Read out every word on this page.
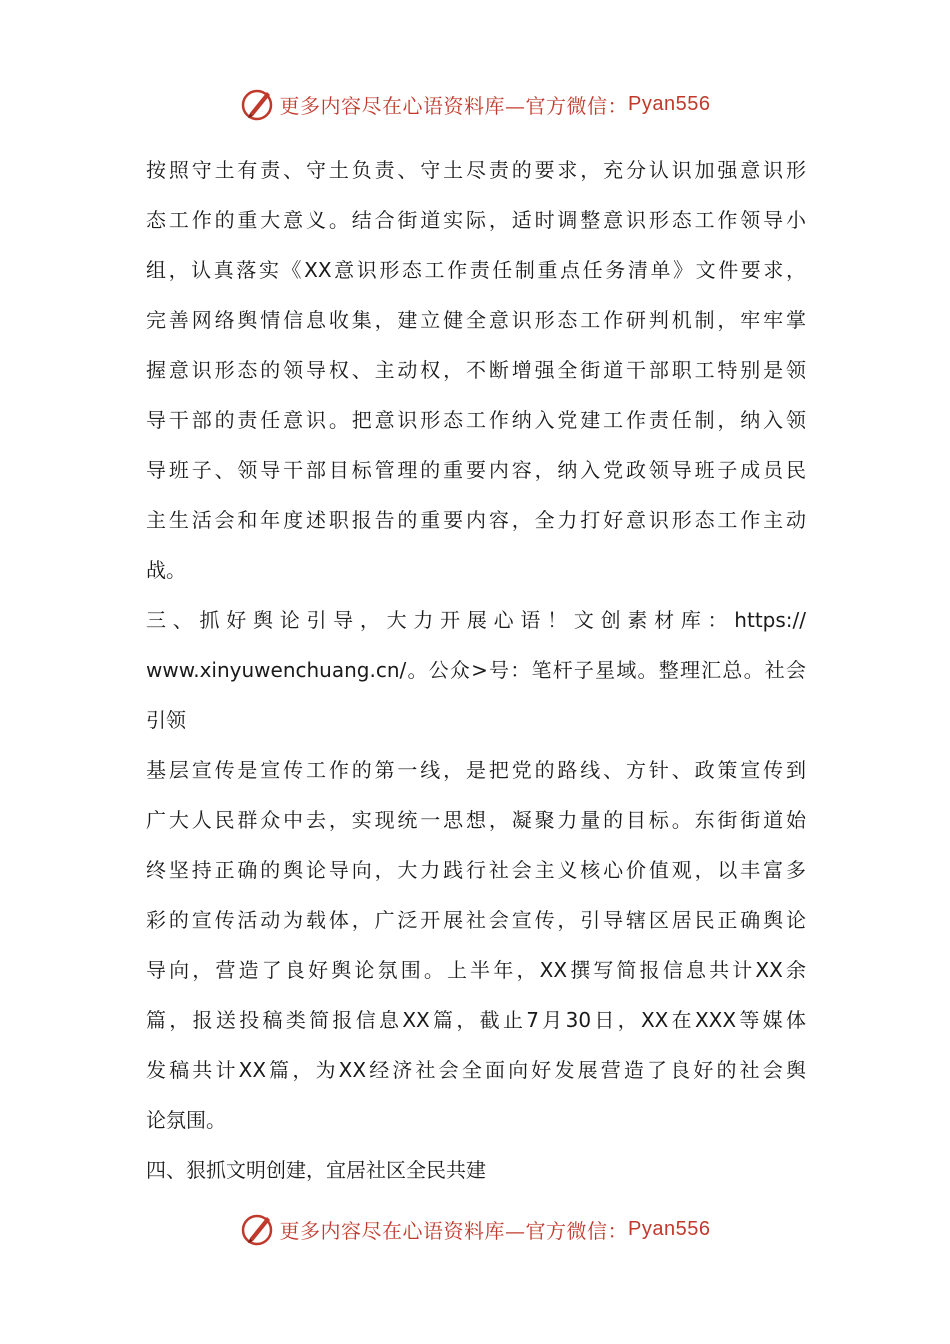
更多内容尽在心语资料库—官方微信： Pyan556
按照守土有责、守土负责、守土尽责的要求，充分认识加强意识形
态工作的重大意义。结合街道实际，适时调整意识形态工作领导小
组，认真落实《XX意识形态工作责任制重点任务清单》文件要求，
完善网络舆情信息收集，建立健全意识形态工作研判机制，牢牢掌
握意识形态的领导权、主动权，不断增强全街道干部职工特别是领
导干部的责任意识。把意识形态工作纳入党建工作责任制，纳入领
导班子、领导干部目标管理的重要内容，纳入党政领导班子成员民
主生活会和年度述职报告的重要内容，全力打好意识形态工作主动
战。
三、抓好舆论引导，大力开展心语！文创素材库：https://
www.xinyuwenchuang.cn/。公众>号：笔杆子星域。整理汇总。社会
引领
基层宣传是宣传工作的第一线，是把党的路线、方针、政策宣传到
广大人民群众中去，实现统一思想，凝聚力量的目标。东街街道始
终坚持正确的舆论导向，大力践行社会主义核心价值观，以丰富多
彩的宣传活动为载体，广泛开展社会宣传，引导辖区居民正确舆论
导向，营造了良好舆论氛围。上半年，XX撰写简报信息共计XX余
篇，报送投稿类简报信息XX篇，截止7月30日，XX在XXX等媒体
发稿共计XX篇，为XX经济社会全面向好发展营造了良好的社会舆
论氛围。
四、狠抓文明创建，宜居社区全民共建
更多内容尽在心语资料库—官方微信： Pyan556
